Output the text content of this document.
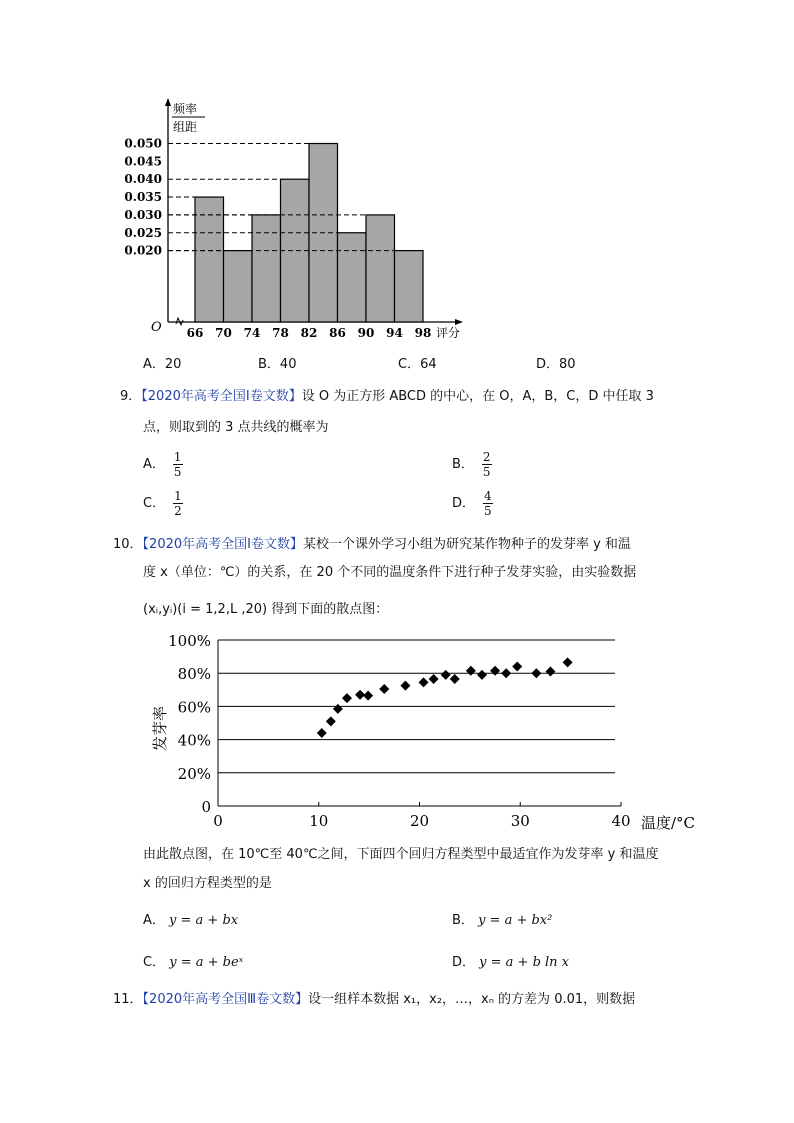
O
频率
组距
0.050
0.045
0.040
0.035
0.030
0.025
0.020
66 70 74 78 82 86 90 94 98 评分
A．20	B．40	C．64	D．80
9．【2020年高考全国Ⅰ卷文数】设 O 为正方形 ABCD 的中心，在 O，A，B，C，D 中任取 3
点，则取到的 3 点共线的概率为
A． $\frac{1}{5}$	B． $\frac{2}{5}$
C． $\frac{1}{2}$	D． $\frac{4}{5}$
10．【2020年高考全国Ⅰ卷文数】某校一个课外学习小组为研究某作物种子的发芽率 y 和温
度 x（单位：℃）的关系，在 20 个不同的温度条件下进行种子发芽实验，由实验数据
(xᵢ,yᵢ)(i = 1,2,L ,20) 得到下面的散点图：
0	10	20	30	40
0
20%
40%
60%
80%
100%
温度/°C
发芽率
由此散点图，在 10℃至 40℃之间，下面四个回归方程类型中最适宜作为发芽率 y 和温度
x 的回归方程类型的是
A． y = a + bx	B． y = a + bx²
C． y = a + beˣ	D． y = a + b ln x
11．【2020年高考全国Ⅲ卷文数】设一组样本数据 x₁，x₂，…，xₙ 的方差为 0.01，则数据
